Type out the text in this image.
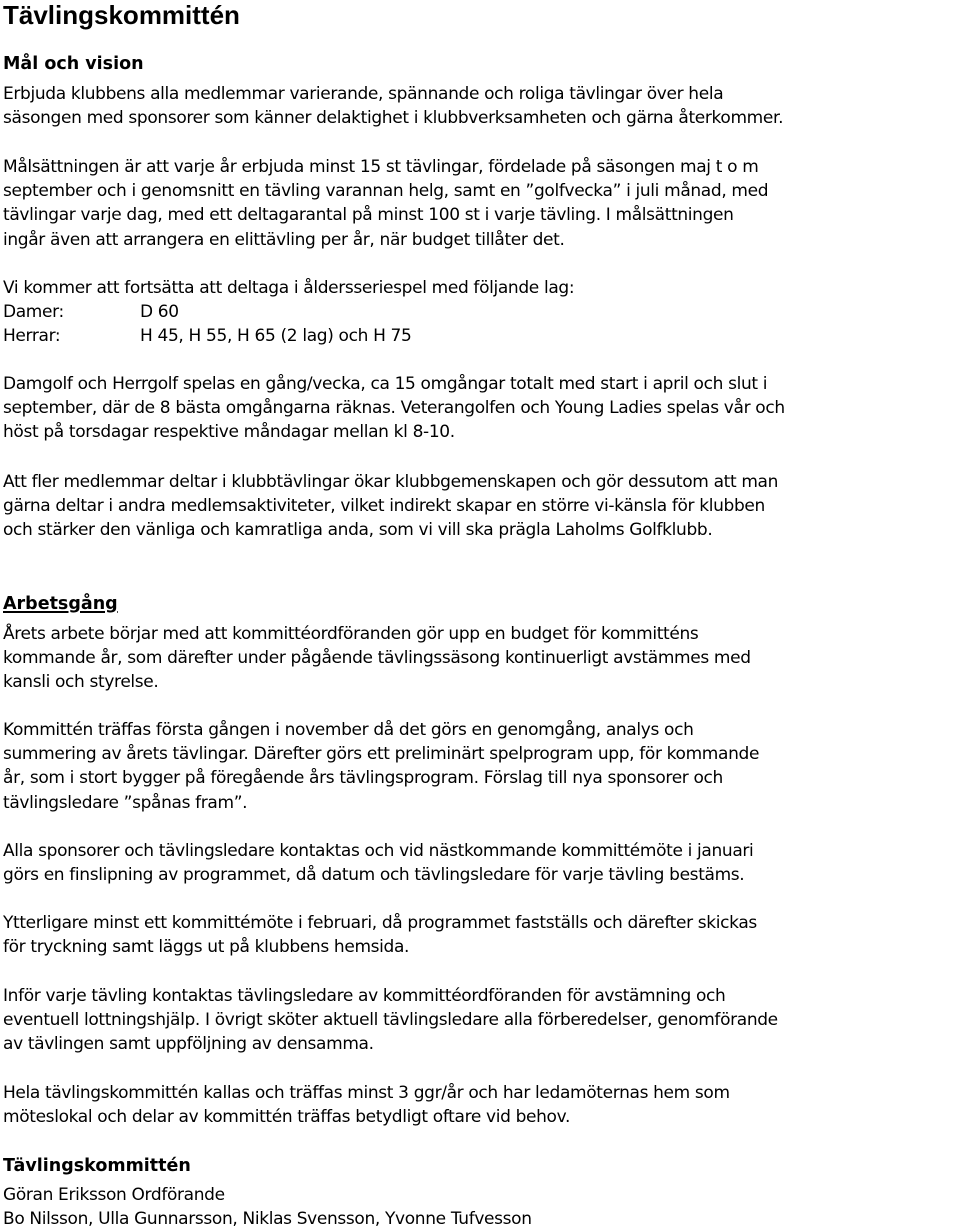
Tävlingskommittén
Mål och vision

Erbjuda klubbens alla medlemmar varierande, spännande och roliga tävlingar över hela
säsongen med sponsorer som känner delaktighet i klubbverksamheten och gärna återkommer.

Målsättningen är att varje år erbjuda minst 15 st tävlingar, fördelade på säsongen maj t o m
september och i genomsnitt en tävling varannan helg, samt en ”golfvecka” i juli månad, med
tävlingar varje dag, med ett deltagarantal på minst 100 st i varje tävling. I målsättningen
ingår även att arrangera en elittävling per år, när budget tillåter det.

Vi kommer att fortsätta att deltaga i åldersseriespel med följande lag:
Damer:	D 60
Herrar:	H 45, H 55, H 65 (2 lag) och H 75

Damgolf och Herrgolf spelas en gång/vecka, ca 15 omgångar totalt med start i april och slut i
september, där de 8 bästa omgångarna räknas. Veterangolfen och Young Ladies spelas vår och
höst på torsdagar respektive måndagar mellan kl 8-10.

Att fler medlemmar deltar i klubbtävlingar ökar klubbgemenskapen och gör dessutom att man
gärna deltar i andra medlemsaktiviteter, vilket indirekt skapar en större vi-känsla för klubben
och stärker den vänliga och kamratliga anda, som vi vill ska prägla Laholms Golfklubb.

Arbetsgång

Årets arbete börjar med att kommittéordföranden gör upp en budget för kommitténs
kommande år, som därefter under pågående tävlingssäsong kontinuerligt avstämmes med
kansli och styrelse.

Kommittén träffas första gången i november då det görs en genomgång, analys och
summering av årets tävlingar. Därefter görs ett preliminärt spelprogram upp, för kommande
år, som i stort bygger på föregående års tävlingsprogram. Förslag till nya sponsorer och
tävlingsledare ”spånas fram”.

Alla sponsorer och tävlingsledare kontaktas och vid nästkommande kommittémöte i januari
görs en finslipning av programmet, då datum och tävlingsledare för varje tävling bestäms.

Ytterligare minst ett kommittémöte i februari, då programmet fastställs och därefter skickas
för tryckning samt läggs ut på klubbens hemsida.

Inför varje tävling kontaktas tävlingsledare av kommittéordföranden för avstämning och
eventuell lottningshjälp. I övrigt sköter aktuell tävlingsledare alla förberedelser, genomförande
av tävlingen samt uppföljning av densamma.

Hela tävlingskommittén kallas och träffas minst 3 ggr/år och har ledamöternas hem som
möteslokal och delar av kommittén träffas betydligt oftare vid behov.

Tävlingskommittén

Göran Eriksson Ordförande
Bo Nilsson, Ulla Gunnarsson, Niklas Svensson, Yvonne Tufvesson
